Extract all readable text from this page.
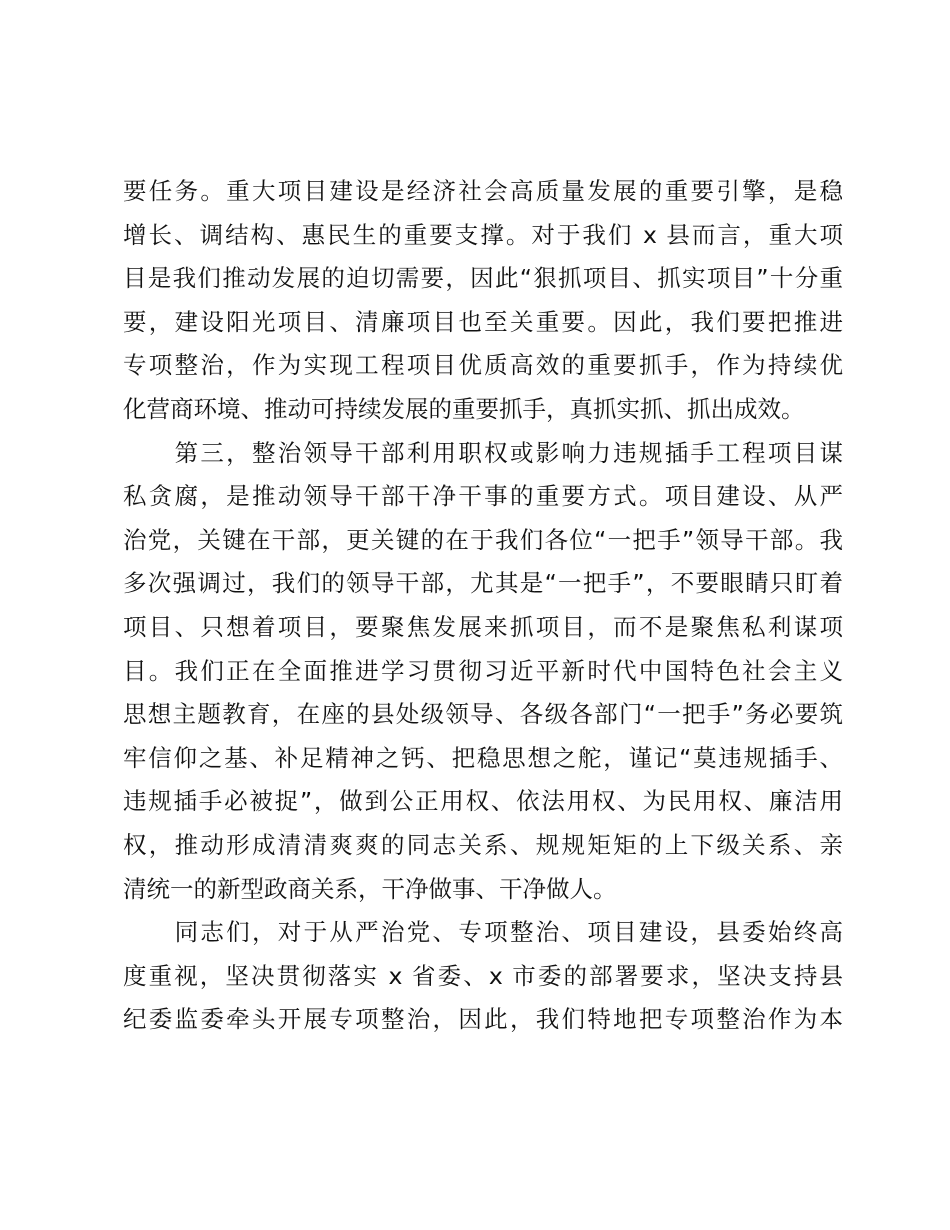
要任务。重大项目建设是经济社会高质量发展的重要引擎，是稳
增长、调结构、惠民生的重要支撑。对于我们 x 县而言，重大项
目是我们推动发展的迫切需要，因此“狠抓项目、抓实项目”十分重
要，建设阳光项目、清廉项目也至关重要。因此，我们要把推进
专项整治，作为实现工程项目优质高效的重要抓手，作为持续优
化营商环境、推动可持续发展的重要抓手，真抓实抓、抓出成效。
　　第三，整治领导干部利用职权或影响力违规插手工程项目谋
私贪腐，是推动领导干部干净干事的重要方式。项目建设、从严
治党，关键在干部，更关键的在于我们各位“一把手”领导干部。我
多次强调过，我们的领导干部，尤其是“一把手”，不要眼睛只盯着
项目、只想着项目，要聚焦发展来抓项目，而不是聚焦私利谋项
目。我们正在全面推进学习贯彻习近平新时代中国特色社会主义
思想主题教育，在座的县处级领导、各级各部门“一把手”务必要筑
牢信仰之基、补足精神之钙、把稳思想之舵，谨记“莫违规插手、
违规插手必被捉”，做到公正用权、依法用权、为民用权、廉洁用
权，推动形成清清爽爽的同志关系、规规矩矩的上下级关系、亲
清统一的新型政商关系，干净做事、干净做人。
　　同志们，对于从严治党、专项整治、项目建设，县委始终高
度重视，坚决贯彻落实 x 省委、x 市委的部署要求，坚决支持县
纪委监委牵头开展专项整治，因此，我们特地把专项整治作为本
